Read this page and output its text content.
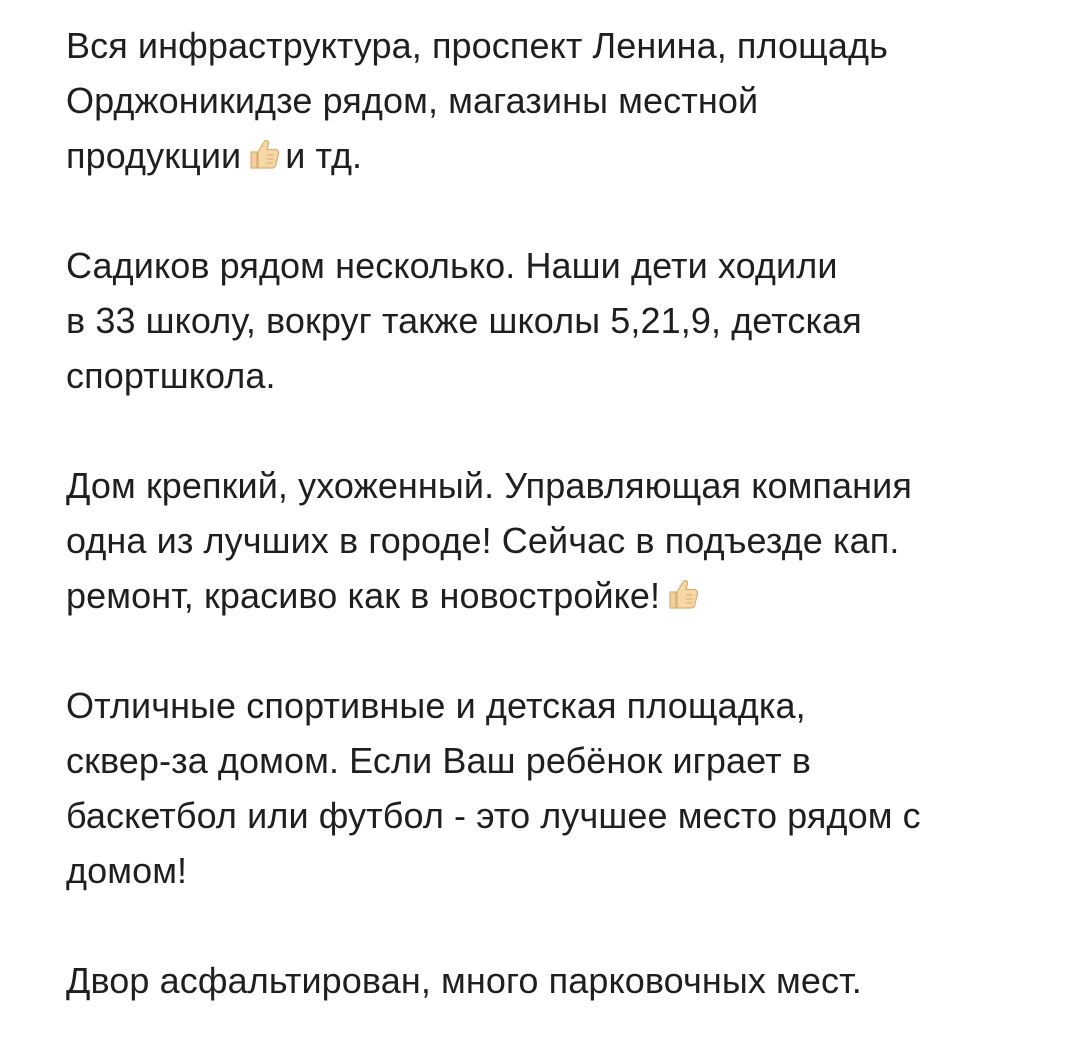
Вся инфраструктура, проспект Ленина, площадь
Орджоникидзе рядом, магазины местной
продукции и тд.
Садиков рядом несколько. Наши дети ходили
в 33 школу, вокруг также школы 5,21,9, детская
спортшкола.
Дом крепкий, ухоженный. Управляющая компания
одна из лучших в городе! Сейчас в подъезде кап.
ремонт, красиво как в новостройке!
Отличные спортивные и детская площадка,
сквер-за домом. Если Ваш ребёнок играет в
баскетбол или футбол - это лучшее место рядом с
домом!
Двор асфальтирован, много парковочных мест.
